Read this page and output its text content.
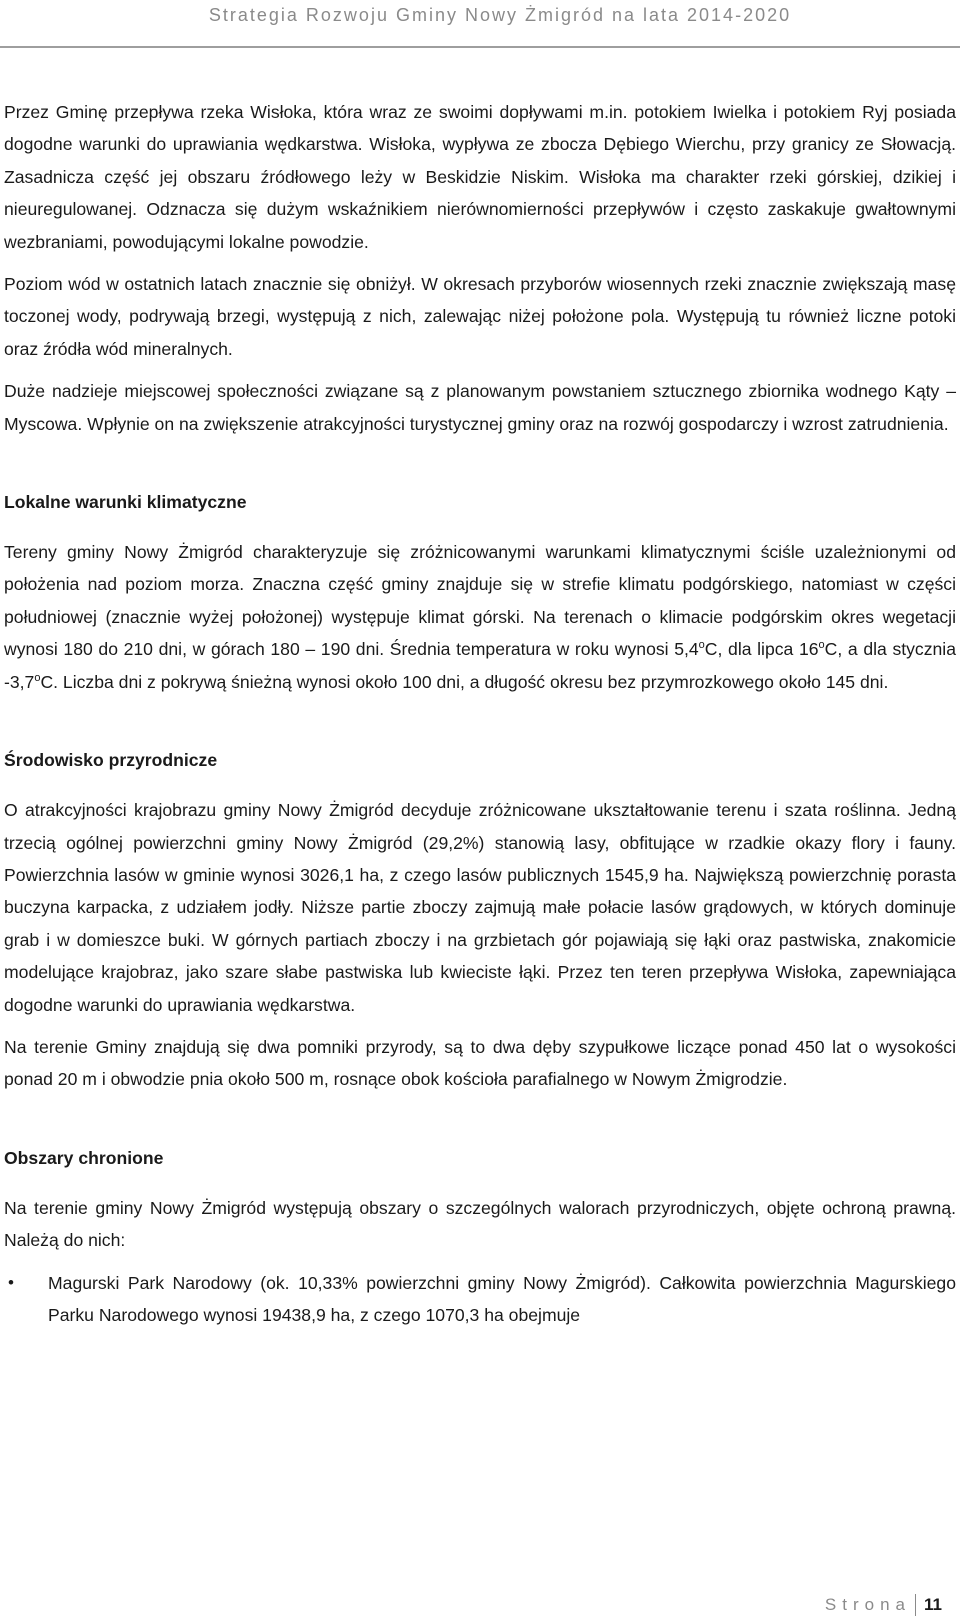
Strategia Rozwoju Gminy Nowy Żmigród na lata 2014-2020

Przez Gminę przepływa rzeka Wisłoka, która wraz ze swoimi dopływami m.in. potokiem Iwielka i potokiem Ryj posiada dogodne warunki do uprawiania wędkarstwa. Wisłoka, wypływa ze zbocza Dębiego Wierchu, przy granicy ze Słowacją. Zasadnicza część jej obszaru źródłowego leży w Beskidzie Niskim. Wisłoka ma charakter rzeki górskiej, dzikiej i nieuregulowanej. Odznacza się dużym wskaźnikiem nierównomierności przepływów i często zaskakuje gwałtownymi wezbraniami, powodującymi lokalne powodzie.

Poziom wód w ostatnich latach znacznie się obniżył. W okresach przyborów wiosennych rzeki znacznie zwiększają masę toczonej wody, podrywają brzegi, występują z nich, zalewając niżej położone pola. Występują tu również liczne potoki oraz źródła wód mineralnych.

Duże nadzieje miejscowej społeczności związane są z planowanym powstaniem sztucznego zbiornika wodnego Kąty – Myscowa. Wpłynie on na zwiększenie atrakcyjności turystycznej gminy oraz na rozwój gospodarczy i wzrost zatrudnienia.

Lokalne warunki klimatyczne

Tereny gminy Nowy Żmigród charakteryzuje się zróżnicowanymi warunkami klimatycznymi ściśle uzależnionymi od położenia nad poziom morza. Znaczna część gminy znajduje się w strefie klimatu podgórskiego, natomiast w części południowej (znacznie wyżej położonej) występuje klimat górski. Na terenach o klimacie podgórskim okres wegetacji wynosi 180 do 210 dni, w górach 180 – 190 dni. Średnia temperatura w roku wynosi 5,4$^o$C, dla lipca 16$^o$C, a dla stycznia -3,7$^o$C. Liczba dni z pokrywą śnieżną wynosi około 100 dni, a długość okresu bez przymrozkowego około 145 dni.

Środowisko przyrodnicze

O atrakcyjności krajobrazu gminy Nowy Żmigród decyduje zróżnicowane ukształtowanie terenu i szata roślinna. Jedną trzecią ogólnej powierzchni gminy Nowy Żmigród (29,2%) stanowią lasy, obfitujące w rzadkie okazy flory i fauny. Powierzchnia lasów w gminie wynosi 3026,1 ha, z czego lasów publicznych 1545,9 ha. Największą powierzchnię porasta buczyna karpacka, z udziałem jodły. Niższe partie zboczy zajmują małe połacie lasów grądowych, w których dominuje grab i w domieszce buki. W górnych partiach zboczy i na grzbietach gór pojawiają się łąki oraz pastwiska, znakomicie modelujące krajobraz, jako szare słabe pastwiska lub kwieciste łąki. Przez ten teren przepływa Wisłoka, zapewniająca dogodne warunki do uprawiania wędkarstwa.

Na terenie Gminy znajdują się dwa pomniki przyrody, są to dwa dęby szypułkowe liczące ponad 450 lat o wysokości ponad 20 m i obwodzie pnia około 500 m, rosnące obok kościoła parafialnego w Nowym Żmigrodzie.

Obszary chronione

Na terenie gminy Nowy Żmigród występują obszary o szczególnych walorach przyrodniczych, objęte ochroną prawną. Należą do nich:

• Magurski Park Narodowy (ok. 10,33% powierzchni gminy Nowy Żmigród). Całkowita powierzchnia Magurskiego Parku Narodowego wynosi 19438,9 ha, z czego 1070,3 ha obejmuje
Strona 11
